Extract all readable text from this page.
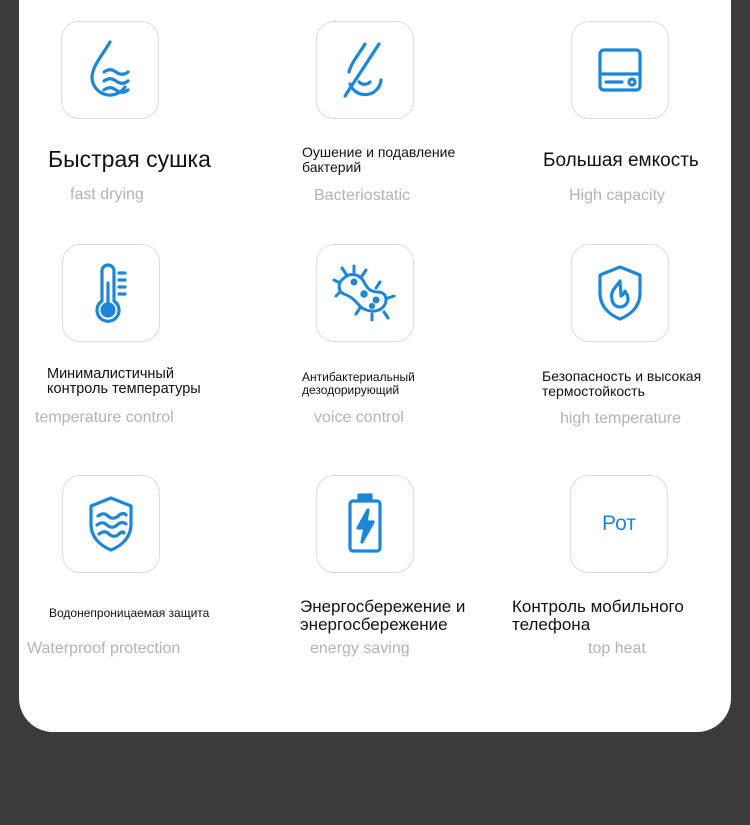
Быстрая сушка
fast drying
Оушение и подавление
бактерий
Bacteriostatic
Большая емкость
High capacity
Минималистичный
контроль температуры
temperature control
Антибактериальный
дезодорирующий
voice control
Безопасность и высокая
термостойкость
high temperature
Водонепроницаемая защита
Waterproof protection
Энергосбережение и
энергосбережение
energy saving
Рот
Контроль мобильного
телефона
top heat
